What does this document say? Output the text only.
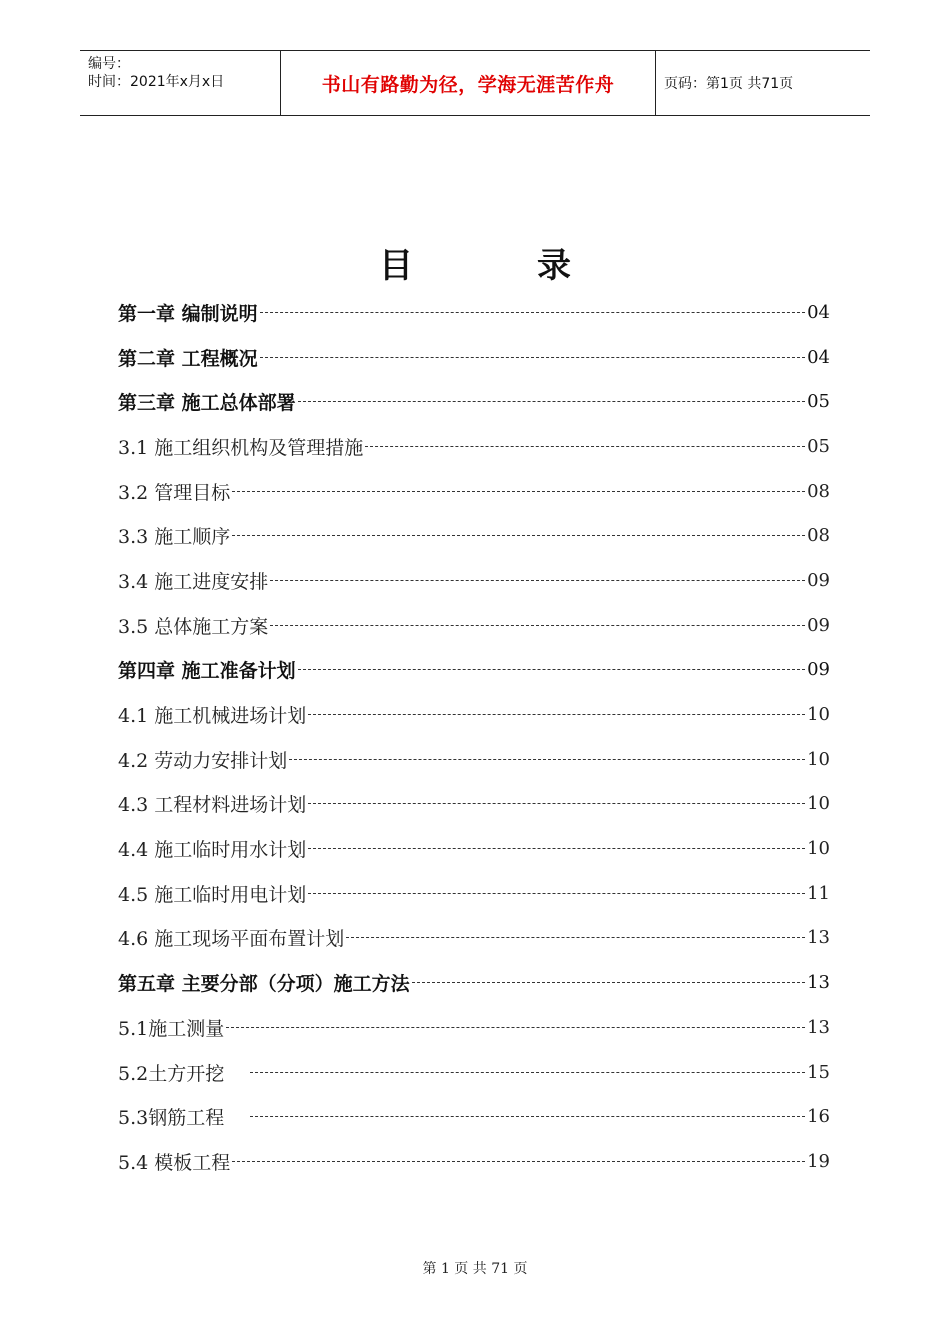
编号：
时间：2021年x月x日	书山有路勤为径，学海无涯苦作舟	页码：第1页 共71页
目	录
第一章 编制说明	04
第二章 工程概况	04
第三章 施工总体部署	05
3.1 施工组织机构及管理措施	05
3.2 管理目标	08
3.3 施工顺序	08
3.4 施工进度安排	09
3.5 总体施工方案	09
第四章 施工准备计划	09
4.1 施工机械进场计划	10
4.2 劳动力安排计划	10
4.3 工程材料进场计划	10
4.4 施工临时用水计划	10
4.5 施工临时用电计划	11
4.6 施工现场平面布置计划	13
第五章 主要分部（分项）施工方法	13
5.1施工测量	13
5.2土方开挖	15
5.3钢筋工程	16
5.4 模板工程	19
第 1 页 共 71 页
